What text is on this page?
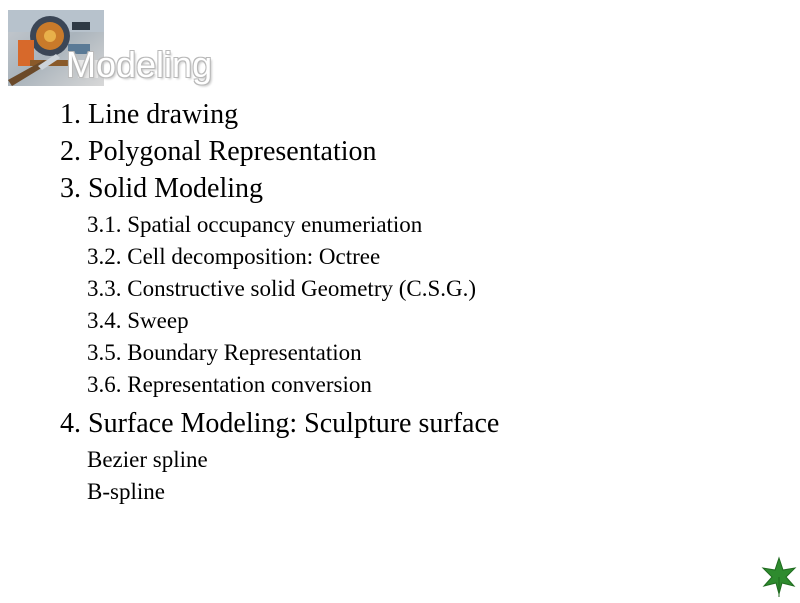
Modeling
1. Line drawing
2. Polygonal Representation
3. Solid Modeling
3.1. Spatial occupancy enumeriation
3.2. Cell decomposition: Octree
3.3. Constructive solid Geometry (C.S.G.)
3.4. Sweep
3.5. Boundary Representation
3.6. Representation conversion
4. Surface Modeling: Sculpture surface
Bezier spline
B-spline
